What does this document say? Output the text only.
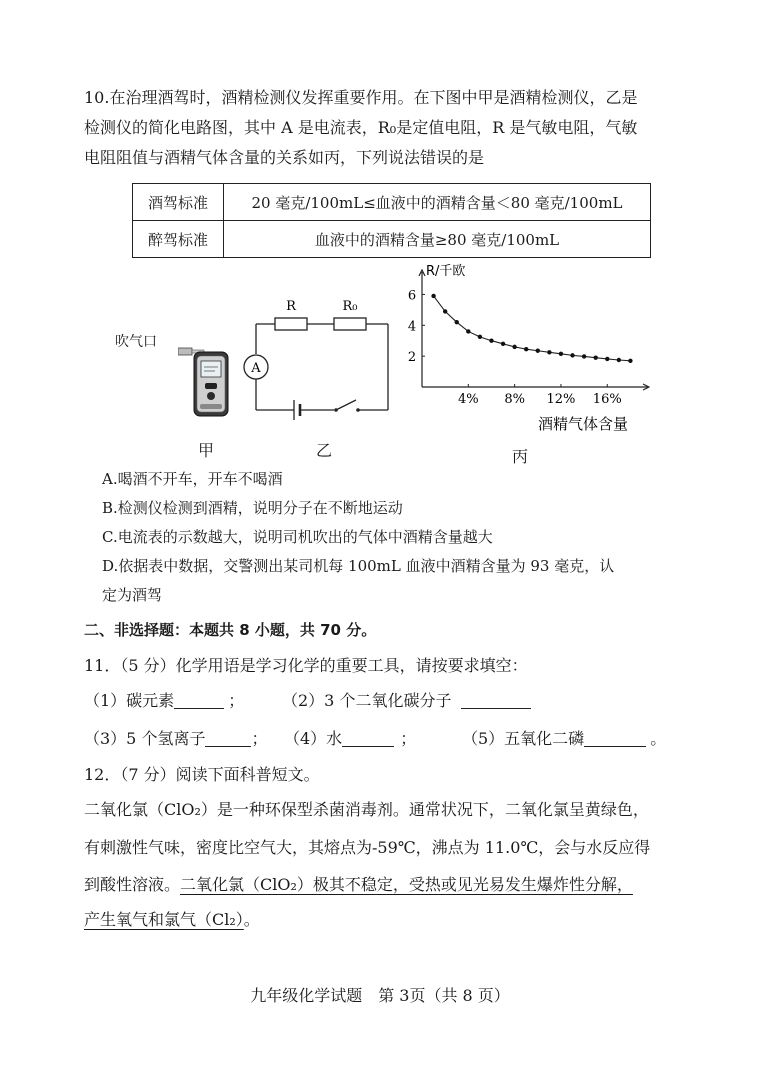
10.在治理酒驾时，酒精检测仪发挥重要作用。在下图中甲是酒精检测仪，乙是
检测仪的简化电路图，其中 A 是电流表，R₀是定值电阻，R 是气敏电阻，气敏
电阻阻值与酒精气体含量的关系如丙，下列说法错误的是
酒驾标准	20 毫克/100mL≤血液中的酒精含量＜80 毫克/100mL
醉驾标准	血液中的酒精含量≥80 毫克/100mL
吹气口
甲
R	R₀
A
乙
4% 8% 12% 16%
2
4
6
R/千欧
酒精气体含量
丙
A.喝酒不开车，开车不喝酒
B.检测仪检测到酒精，说明分子在不断地运动
C.电流表的示数越大，说明司机吹出的气体中酒精含量越大
D.依据表中数据，交警测出某司机每 100mL 血液中酒精含量为 93 毫克，认
定为酒驾
二、非选择题：本题共 8 小题，共 70 分。
11．（5 分）化学用语是学习化学的重要工具，请按要求填空：
（1）碳元素	； （2）3 个二氧化碳分子
（3）5 个氢离子	； （4）水	；	（5）五氧化二磷	。
12．（7 分）阅读下面科普短文。
二氧化氯（ClO₂）是一种环保型杀菌消毒剂。通常状况下，二氧化氯呈黄绿色，
有刺激性气味，密度比空气大，其熔点为-59℃，沸点为 11.0℃，会与水反应得
到酸性溶液。二氧化氯（ClO₂）极其不稳定，受热或见光易发生爆炸性分解，
产生氧气和氯气（Cl₂）。
九年级化学试题　第 3页（共 8 页）
